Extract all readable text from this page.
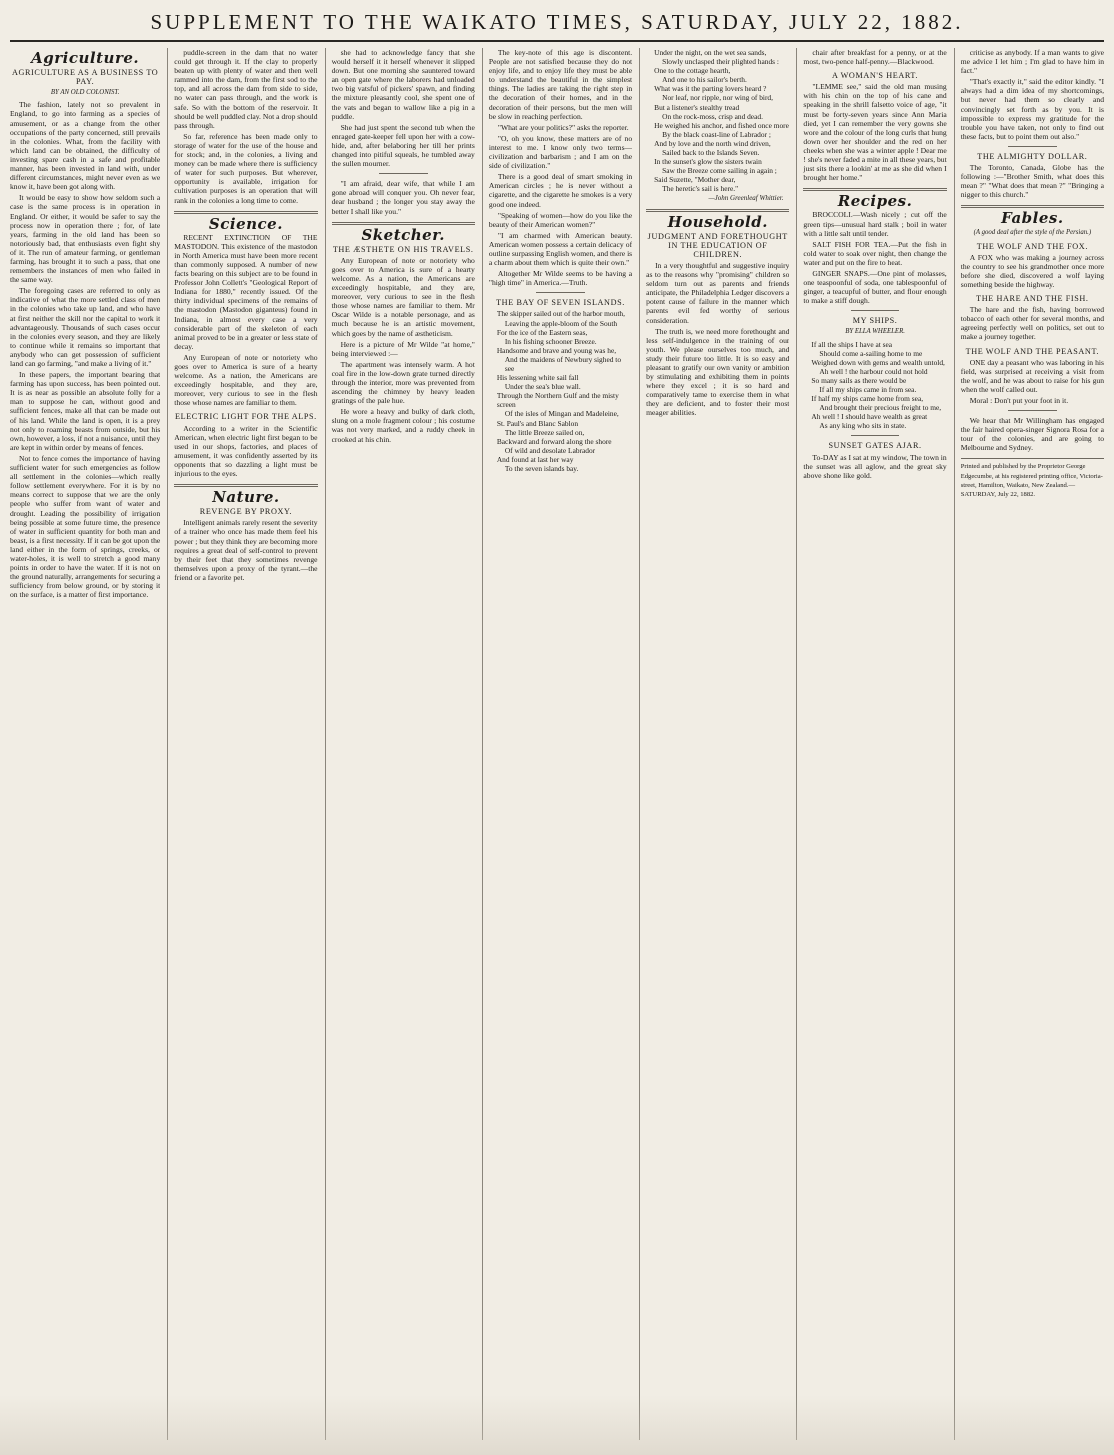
SUPPLEMENT TO THE WAIKATO TIMES, SATURDAY, JULY 22, 1882.
Agriculture.
AGRICULTURE AS A BUSINESS TO PAY.
BY AN OLD COLONIST.

The fashion, lately not so prevalent in England, to go into farming as a species of amusement, or as a change from the other occupations of the party concerned, still prevails in the colonies. What, from the facility with which land can be obtained, the difficulty of investing spare cash in a safe and profitable manner, has been invested in land with, under different circumstances, might never even as we know it, have been got along with.

It would be easy to show how seldom such a case is the same process is in operation in England. Or either, it would be safer to say the process now in operation there ; for, of late years, farming in the old land has been so notoriously bad, that enthusiasts even fight shy of it. The run of amateur farming, or gentleman farming, has brought it to such a pass, that one remembers the instances of men who failed in the same way.

The foregoing cases are referred to only as indicative of what the more settled class of men in the colonies who take up land, and who have at first neither the skill nor the capital to work it advantageously. Thousands of such cases occur in the colonies every season, and they are likely to continue while it remains so important that anybody who can get possession of sufficient land can go farming, "and make a living of it."

In these papers, the important bearing that farming has upon success, has been pointed out. It is as near as possible an absolute folly for a man to suppose he can, without good and sufficient fences, make all that can be made out of his land. While the land is open, it is a prey not only to roaming beasts from outside, but his own, however, a loss, if not a nuisance, until they are kept in within order by means of fences.

Not to fence comes the importance of having sufficient water for such emergencies as follow all settlement in the colonies—which really follow settlement everywhere. For it is by no means correct to suppose that we are the only people who suffer from want of water and drought. Leading the possibility of irrigation being possible at some future time, the presence of water in sufficient quantity for both man and beast, is a first necessity. If it can be got upon the land either in the form of springs, creeks, or water-holes, it is well to stretch a good many points in order to have the water. If it is not on the ground naturally, arrangements for securing a sufficiency from below ground, or by storing it on the surface, is a matter of first importance.

puddle-screen in the dam that no water could get through it. If the clay to properly beaten up with plenty of water and then well rammed into the dam, from the first sod to the top, and all across the dam from side to side, no water can pass through, and the work is safe. So with the bottom of the reservoir. It should be well puddled clay. Not a drop should pass through.

So far, reference has been made only to storage of water for the use of the house and for stock; and, in the colonies, a living and money can be made where there is sufficiency of water for such purposes. But wherever, opportunity is available, irrigation for cultivation purposes is an operation that will rank in the colonies a long time to come.

Science.

RECENT EXTINCTION OF THE MASTODON. This existence of the mastodon in North America must have been more recent than commonly supposed. A number of new facts bearing on this subject are to be found in Professor John Collett's "Geological Report of Indiana for 1880," recently issued. Of the thirty individual specimens of the remains of the mastodon (Mastodon giganteus) found in Indiana, in almost every case a very considerable part of the skeleton of each animal proved to be in a greater or less state of decay.

Any European of note or notoriety who goes over to America is sure of a hearty welcome. As a nation, the Americans are exceedingly hospitable, and they are, moreover, very curious to see in the flesh those whose names are familiar to them.

ELECTRIC LIGHT FOR THE ALPS.

According to a writer in the Scientific American, when electric light first began to be used in our shops, factories, and places of amusement, it was confidently asserted by its opponents that so dazzling a light must be injurious to the eyes.

Nature.
REVENGE BY PROXY.

Intelligent animals rarely resent the severity of a trainer who once has made them feel his power ; but they think they are becoming more requires a great deal of self-control to prevent by their feet that they sometimes revenge themselves upon a proxy of the tyrant.—the friend or a favorite pet.

she had to acknowledge fancy that she would herself it it herself whenever it slipped down. But one morning she sauntered toward an open gate where the laborers had unloaded two big vatsful of pickers' spawn, and finding the mixture pleasantly cool, she spent one of the vats and began to wallow like a pig in a puddle.

She had just spent the second tub when the enraged gate-keeper fell upon her with a cow-hide, and, after belaboring her till her prints changed into pitiful squeals, he tumbled away the sullen mourner.

"I am afraid, dear wife, that while I am gone abroad will conquer you. Oh never fear, dear husband ; the longer you stay away the better I shall like you."

Sketcher.
THE ÆSTHETE ON HIS TRAVELS.

Any European of note or notoriety who goes over to America is sure of a hearty welcome. As a nation, the Americans are exceedingly hospitable, and they are, moreover, very curious to see in the flesh those whose names are familiar to them. Mr Oscar Wilde is a notable personage, and as much because he is an artistic movement, which goes by the name of æstheticism.

Here is a picture of Mr Wilde "at home," being interviewed :—

The apartment was intensely warm. A hot coal fire in the low-down grate turned directly through the interior, more was prevented from ascending the chimney by heavy leaden gratings of the pale hue.

He wore a heavy and bulky of dark cloth, slung on a mole fragment colour ; his costume was not very marked, and a ruddy cheek in crooked at his chin.

The key-note of this age is discontent. People are not satisfied because they do not enjoy life, and to enjoy life they must be able to understand the beautiful in the simplest things. The ladies are taking the right step in the decoration of their homes, and in the decoration of their persons, but the men will be slow in reaching perfection.

"What are your politics?" asks the reporter.

"O, oh you know, these matters are of no interest to me. I know only two terms—civilization and barbarism ; and I am on the side of civilization."

There is a good deal of smart smoking in American circles ; he is never without a cigarette, and the cigarette he smokes is a very good one indeed.

"Speaking of women—how do you like the beauty of their American women?"

"I am charmed with American beauty. American women possess a certain delicacy of outline surpassing English women, and there is a charm about them which is quite their own."

Altogether Mr Wilde seems to be having a "high time" in America.—Truth.

THE BAY OF SEVEN ISLANDS.
The skipper sailed out of the harbor mouth,
Leaving the apple-bloom of the South
For the ice of the Eastern seas,
In his fishing schooner Breeze.
Handsome and brave and young was he,
And the maidens of Newbury sighed to see
His lessening white sail fall
Under the sea's blue wall.
Through the Northern Gulf and the misty screen
Of the isles of Mingan and Madeleine,
St. Paul's and Blanc Sablon
The little Breeze sailed on,
Backward and forward along the shore
Of wild and desolate Labrador
And found at last her way
To the seven islands bay.
Under the night, on the wet sea sands,
Slowly unclasped their plighted hands :
One to the cottage hearth,
And one to his sailor's berth.
What was it the parting lovers heard ?
Nor leaf, nor ripple, nor wing of bird,
But a listener's stealthy tread
On the rock-moss, crisp and dead.
He weighed his anchor, and fished once more
By the black coast-line of Labrador ;
And by love and the north wind driven,
Sailed back to the Islands Seven.
In the sunset's glow the sisters twain
Saw the Breeze come sailing in again ;
Said Suzette, "Mother dear,
The heretic's sail is here."
—John Greenleaf Whittier.
Household.
JUDGMENT AND FORETHOUGHT IN THE EDUCATION OF CHILDREN.

In a very thoughtful and suggestive inquiry as to the reasons why "promising" children so seldom turn out as parents and friends anticipate, the Philadelphia Ledger discovers a potent cause of failure in the manner which parents evil fed worthy of serious consideration.

The truth is, we need more forethought and less self-indulgence in the training of our youth. We please ourselves too much, and study their future too little. It is so easy and pleasant to gratify our own vanity or ambition by stimulating and exhibiting them in points where they excel ; it is so hard and comparatively tame to exercise them in what they are deficient, and to foster their most meager abilities.

chair after breakfast for a penny, or at the most, two-pence half-penny.—Blackwood.

A WOMAN'S HEART.

"LEMME see," said the old man musing with his chin on the top of his cane and speaking in the shrill falsetto voice of age, "it must be forty-seven years since Ann Maria died, yet I can remember the very gowns she wore and the colour of the long curls that hung down over her shoulder and the red on her cheeks when she was a winter apple ! Dear me ! she's never faded a mite in all these years, but just sits there a lookin' at me as she did when I brought her home."

Recipes.

BROCCOLI.—Wash nicely ; cut off the green tips—unusual hard stalk ; boil in water with a little salt until tender.

SALT FISH FOR TEA.—Put the fish in cold water to soak over night, then change the water and put on the fire to heat.

GINGER SNAPS.—One pint of molasses, one teaspoonful of soda, one tablespoonful of ginger, a teacupful of butter, and flour enough to make a stiff dough.

MY SHIPS.
BY ELLA WHEELER.
If all the ships I have at sea
Should come a-sailing home to me
Weighed down with gems and wealth untold,
Ah well ! the harbour could not hold
So many sails as there would be
If all my ships came in from sea.
If half my ships came home from sea,
And brought their precious freight to me,
Ah well ! I should have wealth as great
As any king who sits in state.
SUNSET GATES AJAR.

To-DAY as I sat at my window, The town in the sunset was all aglow, and the great sky above shone like gold.

criticise as anybody. If a man wants to give me advice I let him ; I'm glad to have him in fact."

"That's exactly it," said the editor kindly. "I always had a dim idea of my shortcomings, but never had them so clearly and convincingly set forth as by you. It is impossible to express my gratitude for the trouble you have taken, not only to find out these facts, but to point them out also."

THE ALMIGHTY DOLLAR.

The Toronto, Canada, Globe has the following :—"Brother Smith, what does this mean ?" "What does that mean ?" "Bringing a nigger to this church."

Fables.
(A good deal after the style of the Persian.)
THE WOLF AND THE FOX.

A FOX who was making a journey across the country to see his grandmother once more before she died, discovered a wolf laying something beside the highway.

THE HARE AND THE FISH.

The hare and the fish, having borrowed tobacco of each other for several months, and agreeing perfectly well on politics, set out to make a journey together.

THE WOLF AND THE PEASANT.

ONE day a peasant who was laboring in his field, was surprised at receiving a visit from the wolf, and he was about to raise for his gun when the wolf called out.

Moral : Don't put your foot in it.

We hear that Mr Willingham has engaged the fair haired opera-singer Signora Rosa for a tour of the colonies, and are going to Melbourne and Sydney.

Printed and published by the Proprietor George Edgecumbe, at his registered printing office, Victoria-street, Hamilton, Waikato, New Zealand.— SATURDAY, July 22, 1882.
